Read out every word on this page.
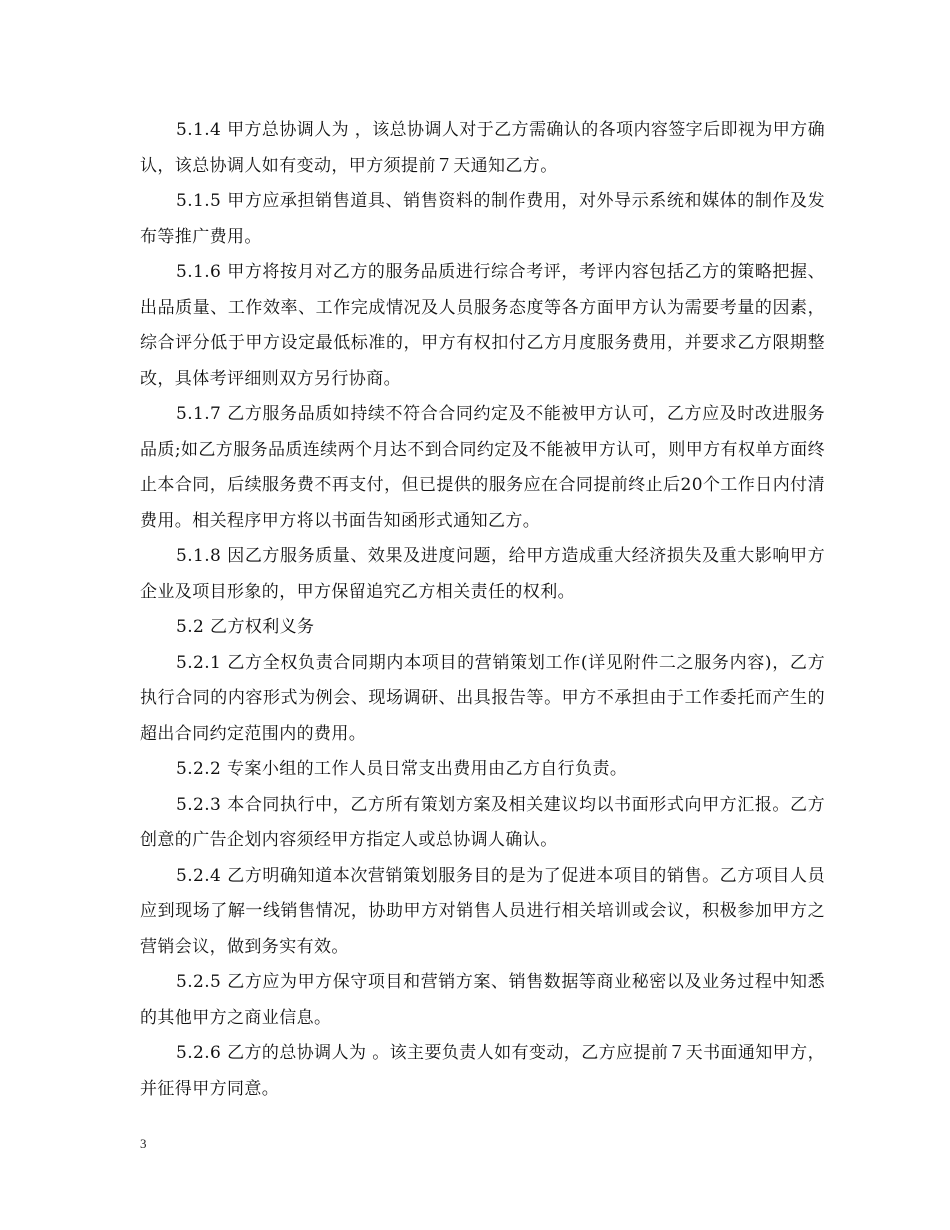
5.1.4 甲方总协调人为 ，该总协调人对于乙方需确认的各项内容签字后即视为甲方确认，该总协调人如有变动，甲方须提前７天通知乙方。

5.1.5 甲方应承担销售道具、销售资料的制作费用，对外导示系统和媒体的制作及发布等推广费用。

5.1.6 甲方将按月对乙方的服务品质进行综合考评，考评内容包括乙方的策略把握、出品质量、工作效率、工作完成情况及人员服务态度等各方面甲方认为需要考量的因素，综合评分低于甲方设定最低标准的，甲方有权扣付乙方月度服务费用，并要求乙方限期整改，具体考评细则双方另行协商。

5.1.7 乙方服务品质如持续不符合合同约定及不能被甲方认可，乙方应及时改进服务品质;如乙方服务品质连续两个月达不到合同约定及不能被甲方认可，则甲方有权单方面终止本合同，后续服务费不再支付，但已提供的服务应在合同提前终止后20个工作日内付清费用。相关程序甲方将以书面告知函形式通知乙方。

5.1.8 因乙方服务质量、效果及进度问题，给甲方造成重大经济损失及重大影响甲方企业及项目形象的，甲方保留追究乙方相关责任的权利。

5.2 乙方权利义务

5.2.1 乙方全权负责合同期内本项目的营销策划工作(详见附件二之服务内容)，乙方执行合同的内容形式为例会、现场调研、出具报告等。甲方不承担由于工作委托而产生的超出合同约定范围内的费用。

5.2.2 专案小组的工作人员日常支出费用由乙方自行负责。

5.2.3 本合同执行中，乙方所有策划方案及相关建议均以书面形式向甲方汇报。乙方创意的广告企划内容须经甲方指定人或总协调人确认。

5.2.4 乙方明确知道本次营销策划服务目的是为了促进本项目的销售。乙方项目人员应到现场了解一线销售情况，协助甲方对销售人员进行相关培训或会议，积极参加甲方之营销会议，做到务实有效。

5.2.5 乙方应为甲方保守项目和营销方案、销售数据等商业秘密以及业务过程中知悉的其他甲方之商业信息。

5.2.6 乙方的总协调人为 。该主要负责人如有变动，乙方应提前７天书面通知甲方，并征得甲方同意。

3
